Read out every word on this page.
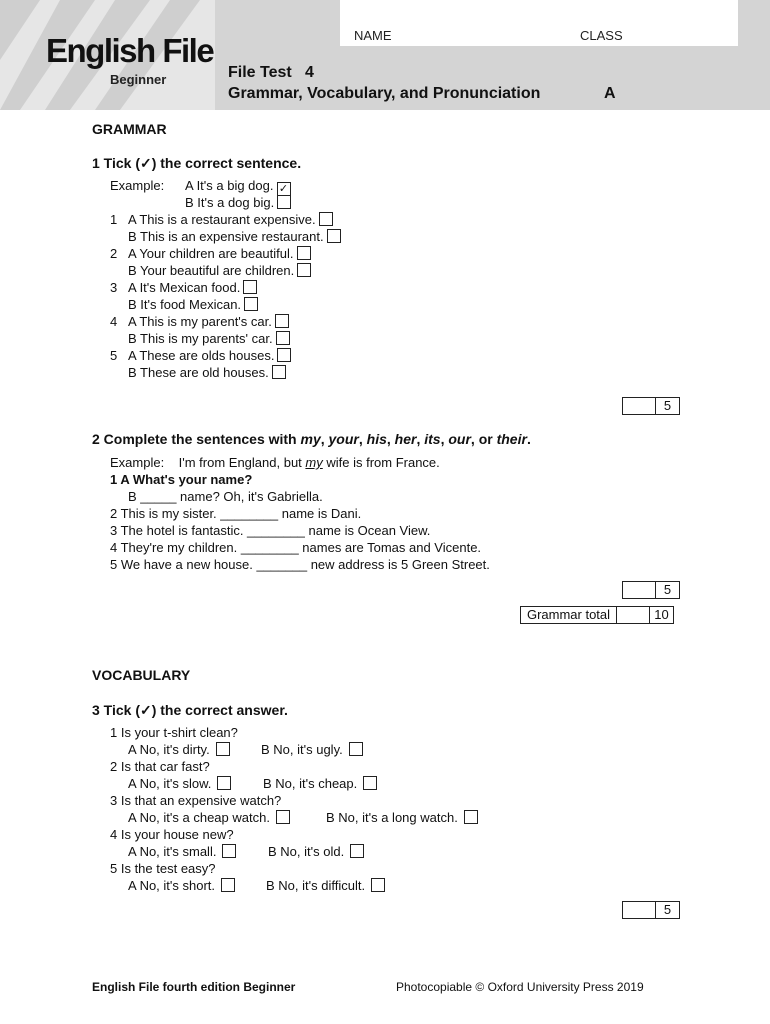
English File
Beginner
NAME	CLASS
File Test   4
Grammar, Vocabulary, and Pronunciation	A
GRAMMAR
1 Tick (✓) the correct sentence.
Example: A It's a big dog. ✓
B It's a dog big.
1 A This is a restaurant expensive.
B This is an expensive restaurant.
2 A Your children are beautiful.
B Your beautiful are children.
3 A It's Mexican food.
B It's food Mexican.
4 A This is my parent's car.
B This is my parents' car.
5 A These are olds houses.
B These are old houses.
5
2 Complete the sentences with my, your, his, her, its, our, or their.
Example:    I'm from England, but my wife is from France.
1 A What's your name?
B _____ name? Oh, it's Gabriella.
2 This is my sister. ________ name is Dani.
3 The hotel is fantastic. ________ name is Ocean View.
4 They're my children. ________ names are Tomas and Vicente.
5 We have a new house. _______ new address is 5 Green Street.
5
Grammar total	10
VOCABULARY
3 Tick (✓) the correct answer.
1 Is your t-shirt clean?
A No, it's dirty.	B No, it's ugly.
2 Is that car fast?
A No, it's slow.	B No, it's cheap.
3 Is that an expensive watch?
A No, it's a cheap watch.	B No, it's a long watch.
4 Is your house new?
A No, it's small.	B No, it's old.
5 Is the test easy?
A No, it's short.	B No, it's difficult.
5
English File fourth edition Beginner	Photocopiable © Oxford University Press 2019
